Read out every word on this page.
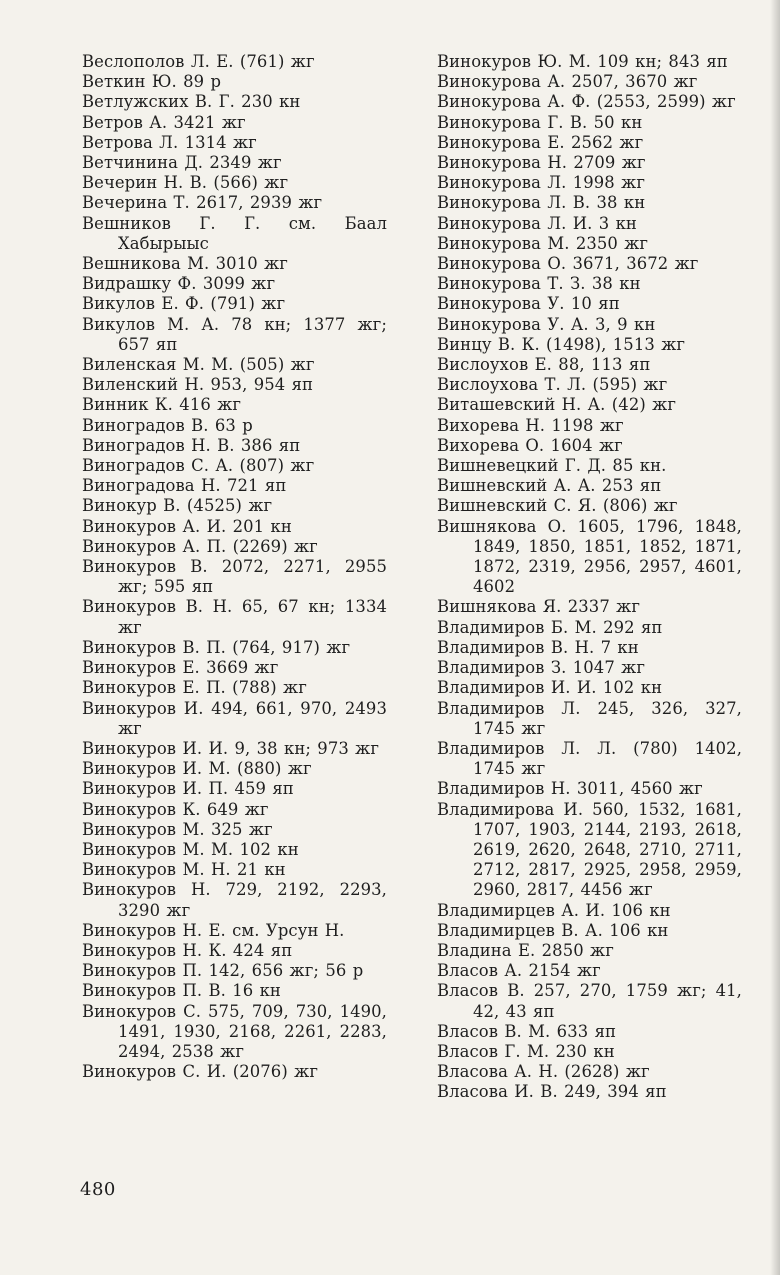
Веслополов Л. Е. (761) жг

Веткин Ю. 89 р

Ветлужских В. Г. 230 кн

Ветров А. 3421 жг

Ветрова Л. 1314 жг

Ветчинина Д. 2349 жг

Вечерин Н. В. (566) жг

Вечерина Т. 2617, 2939 жг

Вешников Г. Г. см. Баал Хабырыыс

Вешникова М. 3010 жг

Видрашку Ф. 3099 жг

Викулов Е. Ф. (791) жг

Викулов М. А. 78 кн; 1377 жг; 657 яп

Виленская М. М. (505) жг

Виленский Н. 953, 954 яп

Винник К. 416 жг

Виноградов В. 63 р

Виноградов Н. В. 386 яп

Виноградов С. А. (807) жг

Виноградова Н. 721 яп

Винокур В. (4525) жг

Винокуров А. И. 201 кн

Винокуров А. П. (2269) жг

Винокуров В. 2072, 2271, 2955 жг; 595 яп

Винокуров В. Н. 65, 67 кн; 1334 жг

Винокуров В. П. (764, 917) жг

Винокуров Е. 3669 жг

Винокуров Е. П. (788) жг

Винокуров И. 494, 661, 970, 2493 жг

Винокуров И. И. 9, 38 кн; 973 жг

Винокуров И. М. (880) жг

Винокуров И. П. 459 яп

Винокуров К. 649 жг

Винокуров М. 325 жг

Винокуров М. М. 102 кн

Винокуров М. Н. 21 кн

Винокуров Н. 729, 2192, 2293, 3290 жг

Винокуров Н. Е. см. Урсун Н.

Винокуров Н. К. 424 яп

Винокуров П. 142, 656 жг; 56 р

Винокуров П. В. 16 кн

Винокуров С. 575, 709, 730, 1490, 1491, 1930, 2168, 2261, 2283, 2494, 2538 жг

Винокуров С. И. (2076) жг

Винокуров Ю. М. 109 кн; 843 яп

Винокурова А. 2507, 3670 жг

Винокурова А. Ф. (2553, 2599) жг

Винокурова Г. В. 50 кн

Винокурова Е. 2562 жг

Винокурова Н. 2709 жг

Винокурова Л. 1998 жг

Винокурова Л. В. 38 кн

Винокурова Л. И. 3 кн

Винокурова М. 2350 жг

Винокурова О. 3671, 3672 жг

Винокурова Т. З. 38 кн

Винокурова У. 10 яп

Винокурова У. А. 3, 9 кн

Винцу В. К. (1498), 1513 жг

Вислоухов Е. 88, 113 яп

Вислоухова Т. Л. (595) жг

Виташевский Н. А. (42) жг

Вихорева Н. 1198 жг

Вихорева О. 1604 жг

Вишневецкий Г. Д. 85 кн.

Вишневский А. А. 253 яп

Вишневский С. Я. (806) жг

Вишнякова О. 1605, 1796, 1848, 1849, 1850, 1851, 1852, 1871, 1872, 2319, 2956, 2957, 4601, 4602

Вишнякова Я. 2337 жг

Владимиров Б. М. 292 яп

Владимиров В. Н. 7 кн

Владимиров З. 1047 жг

Владимиров И. И. 102 кн

Владимиров Л. 245, 326, 327, 1745 жг

Владимиров Л. Л. (780) 1402, 1745 жг

Владимиров Н. 3011, 4560 жг

Владимирова И. 560, 1532, 1681, 1707, 1903, 2144, 2193, 2618, 2619, 2620, 2648, 2710, 2711, 2712, 2817, 2925, 2958, 2959, 2960, 2817, 4456 жг

Владимирцев А. И. 106 кн

Владимирцев В. А. 106 кн

Владина Е. 2850 жг

Власов А. 2154 жг

Власов В. 257, 270, 1759 жг; 41, 42, 43 яп

Власов В. М. 633 яп

Власов Г. М. 230 кн

Власова А. Н. (2628) жг

Власова И. В. 249, 394 яп

480
